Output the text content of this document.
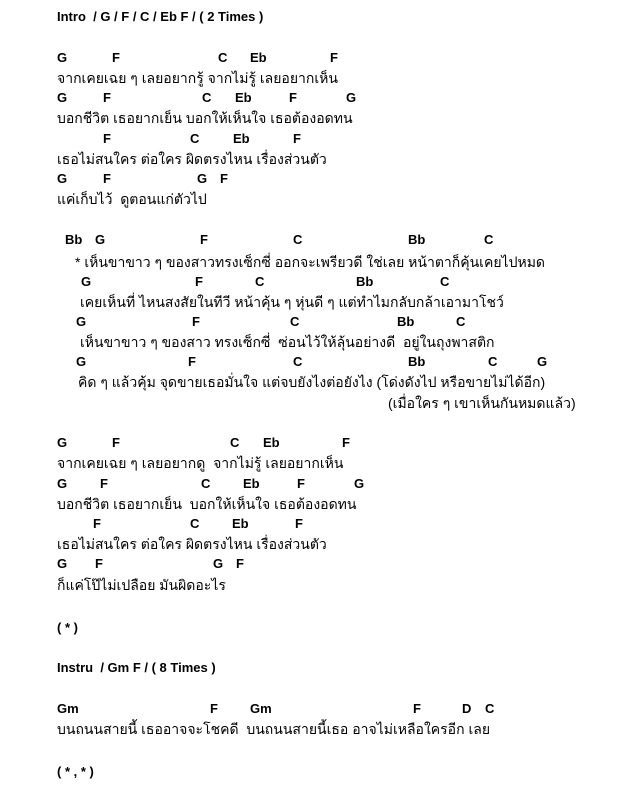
Intro  / G / F / C / Eb F / ( 2 Times )
( * )
Instru  / Gm F / ( 8 Times )
( * , * )
(เมื่อใคร ๆ เขาเห็นกันหมดแล้ว)
G	F	C Eb	F
จากเคยเฉย ๆ เลยอยากรู้ จากไม่รู้ เลยอยากเห็น
G	F	C Eb	F	G
บอกชีวิต เธอยากเย็น บอกให้เห็นใจ เธอต้องอดทน
F	C	Eb	F
เธอไม่สนใคร ต่อใคร ผิดตรงไหน เรื่องส่วนตัว
G	F	G F
แค่เก็บไว้  ดูตอนแก่ตัวไป
Bb G	F	C	Bb	C
* เห็นขาขาว ๆ ของสาวทรงเซ็กซี่ ออกจะเพรียวดี ใช่เลย หน้าตาก็คุ้นเคยไปหมด
G	F	C	Bb	C
เคยเห็นที่ ไหนสงสัยในทีวี หน้าคุ้น ๆ หุ่นดี ๆ แต่ทำไมกลับกล้าเอามาโชว์
G	F	C	Bb	C
เห็นขาขาว ๆ ของสาว ทรงเซ็กซี่  ซ่อนไว้ให้ลุ้นอย่างดี  อยู่ในถุงพาสติก
G	F	C	Bb	C	G
คิด ๆ แล้วคุ้ม จุดขายเธอมั่นใจ แต่จบยังไงต่อยังไง (โด่งดังไป หรือขายไม่ได้อีก)
G	F	C Eb	F
จากเคยเฉย ๆ เลยอยากดู  จากไม่รู้ เลยอยากเห็น
G	F	C	Eb	F	G
บอกชีวิต เธอยากเย็น  บอกให้เห็นใจ เธอต้องอดทน
F	C	Eb	F
เธอไม่สนใคร ต่อใคร ผิดตรงไหน เรื่องส่วนตัว
G F	G F
ก็แค่โป๊ไม่เปลือย มันผิดอะไร
Gm	F Gm	F	D C
บนถนนสายนี้ เธออาจจะโชคดี  บนถนนสายนี้เธอ อาจไม่เหลือใครอีก เลย
